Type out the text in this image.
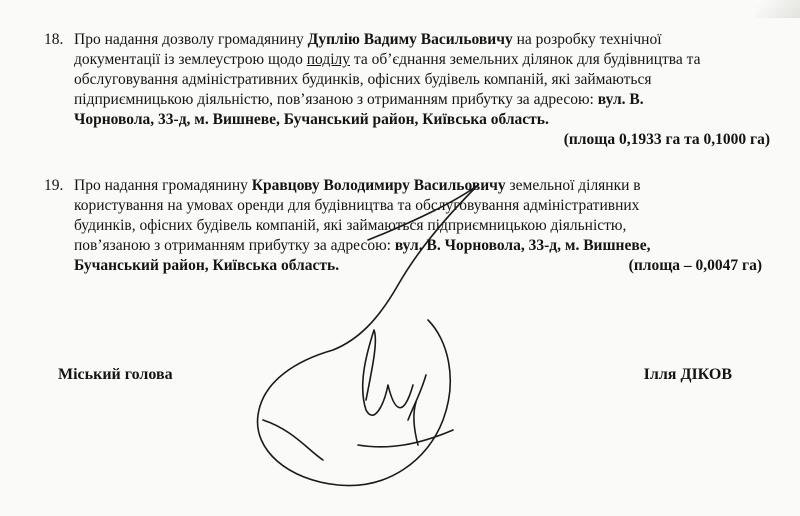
18. Про надання дозволу громадянину Дуплію Вадиму Васильовичу на розробку технічної
документації із землеустрою щодо поділу та об’єднання земельних ділянок для будівництва та
обслуговування адміністративних будинків, офісних будівель компаній, які займаються
підприємницькою діяльністю, пов’язаною з отриманням прибутку за адресою: вул. В.
Чорновола, 33-д, м. Вишневе, Бучанський район, Київська область.
(площа 0,1933 га та 0,1000 га)
19. Про надання громадянину Кравцову Володимиру Васильовичу земельної ділянки в
користування на умовах оренди для будівництва та обслуговування адміністративних
будинків, офісних будівель компаній, які займаються підприємницькою діяльністю,
пов’язаною з отриманням прибутку за адресою: вул. В. Чорновола, 33-д, м. Вишневе,
Бучанський район, Київська область.	(площа – 0,0047 га)
Міський голова	Ілля ДІКОВ
